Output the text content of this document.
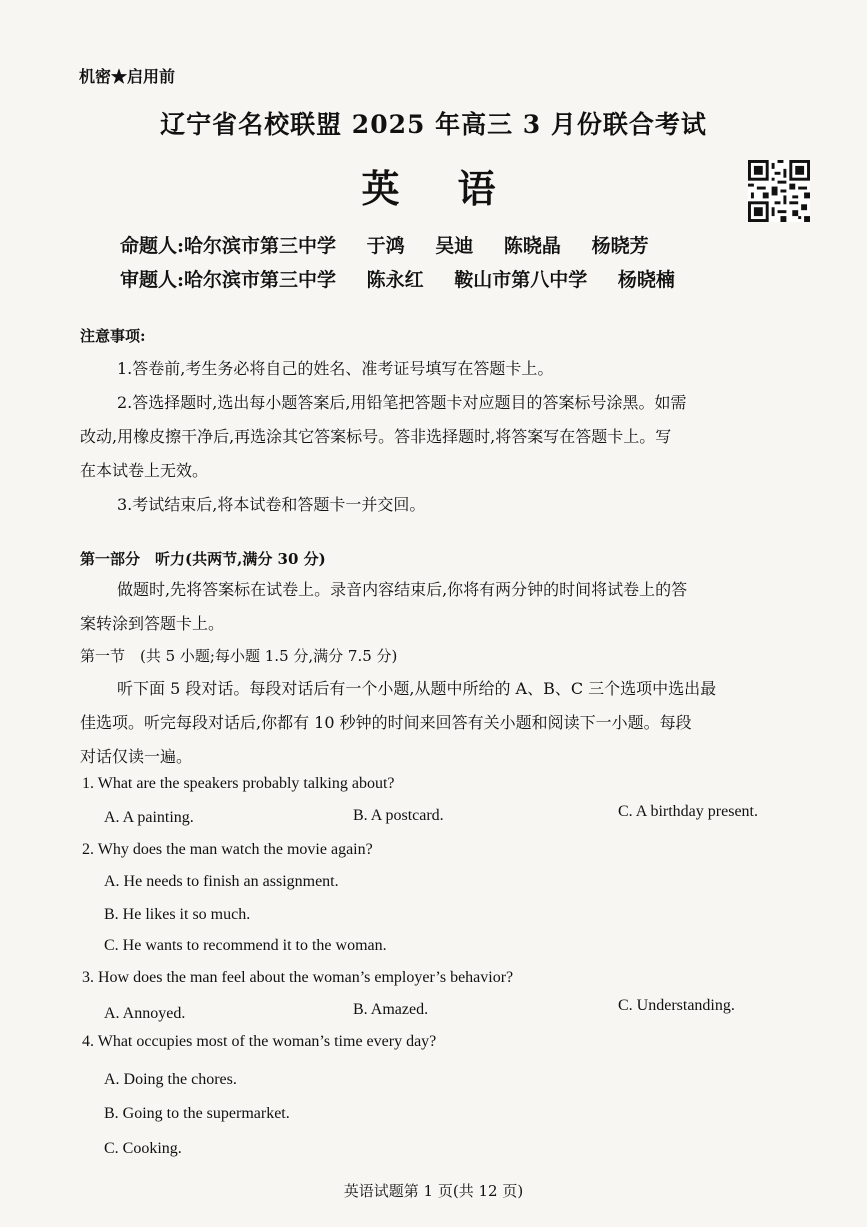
机密★启用前
辽宁省名校联盟 2025 年高三 3 月份联合考试
英　语
命题人:哈尔滨市第三中学 于鸿 吴迪 陈晓晶 杨晓芳
审题人:哈尔滨市第三中学 陈永红 鞍山市第八中学 杨晓楠
注意事项:
1.答卷前,考生务必将自己的姓名、准考证号填写在答题卡上。
2.答选择题时,选出每小题答案后,用铅笔把答题卡对应题目的答案标号涂黑。如需
改动,用橡皮擦干净后,再选涂其它答案标号。答非选择题时,将答案写在答题卡上。写
在本试卷上无效。
3.考试结束后,将本试卷和答题卡一并交回。
第一部分　听力(共两节,满分 30 分)
做题时,先将答案标在试卷上。录音内容结束后,你将有两分钟的时间将试卷上的答
案转涂到答题卡上。
第一节　(共 5 小题;每小题 1.5 分,满分 7.5 分)
听下面 5 段对话。每段对话后有一个小题,从题中所给的 A、B、C 三个选项中选出最
佳选项。听完每段对话后,你都有 10 秒钟的时间来回答有关小题和阅读下一小题。每段
对话仅读一遍。
1. What are the speakers probably talking about?
A. A painting.	B. A postcard.	C. A birthday present.
2. Why does the man watch the movie again?
A. He needs to finish an assignment.
B. He likes it so much.
C. He wants to recommend it to the woman.
3. How does the man feel about the woman’s employer’s behavior?
A. Annoyed.	B. Amazed.	C. Understanding.
4. What occupies most of the woman’s time every day?
A. Doing the chores.
B. Going to the supermarket.
C. Cooking.
英语试题第 1 页(共 12 页)
